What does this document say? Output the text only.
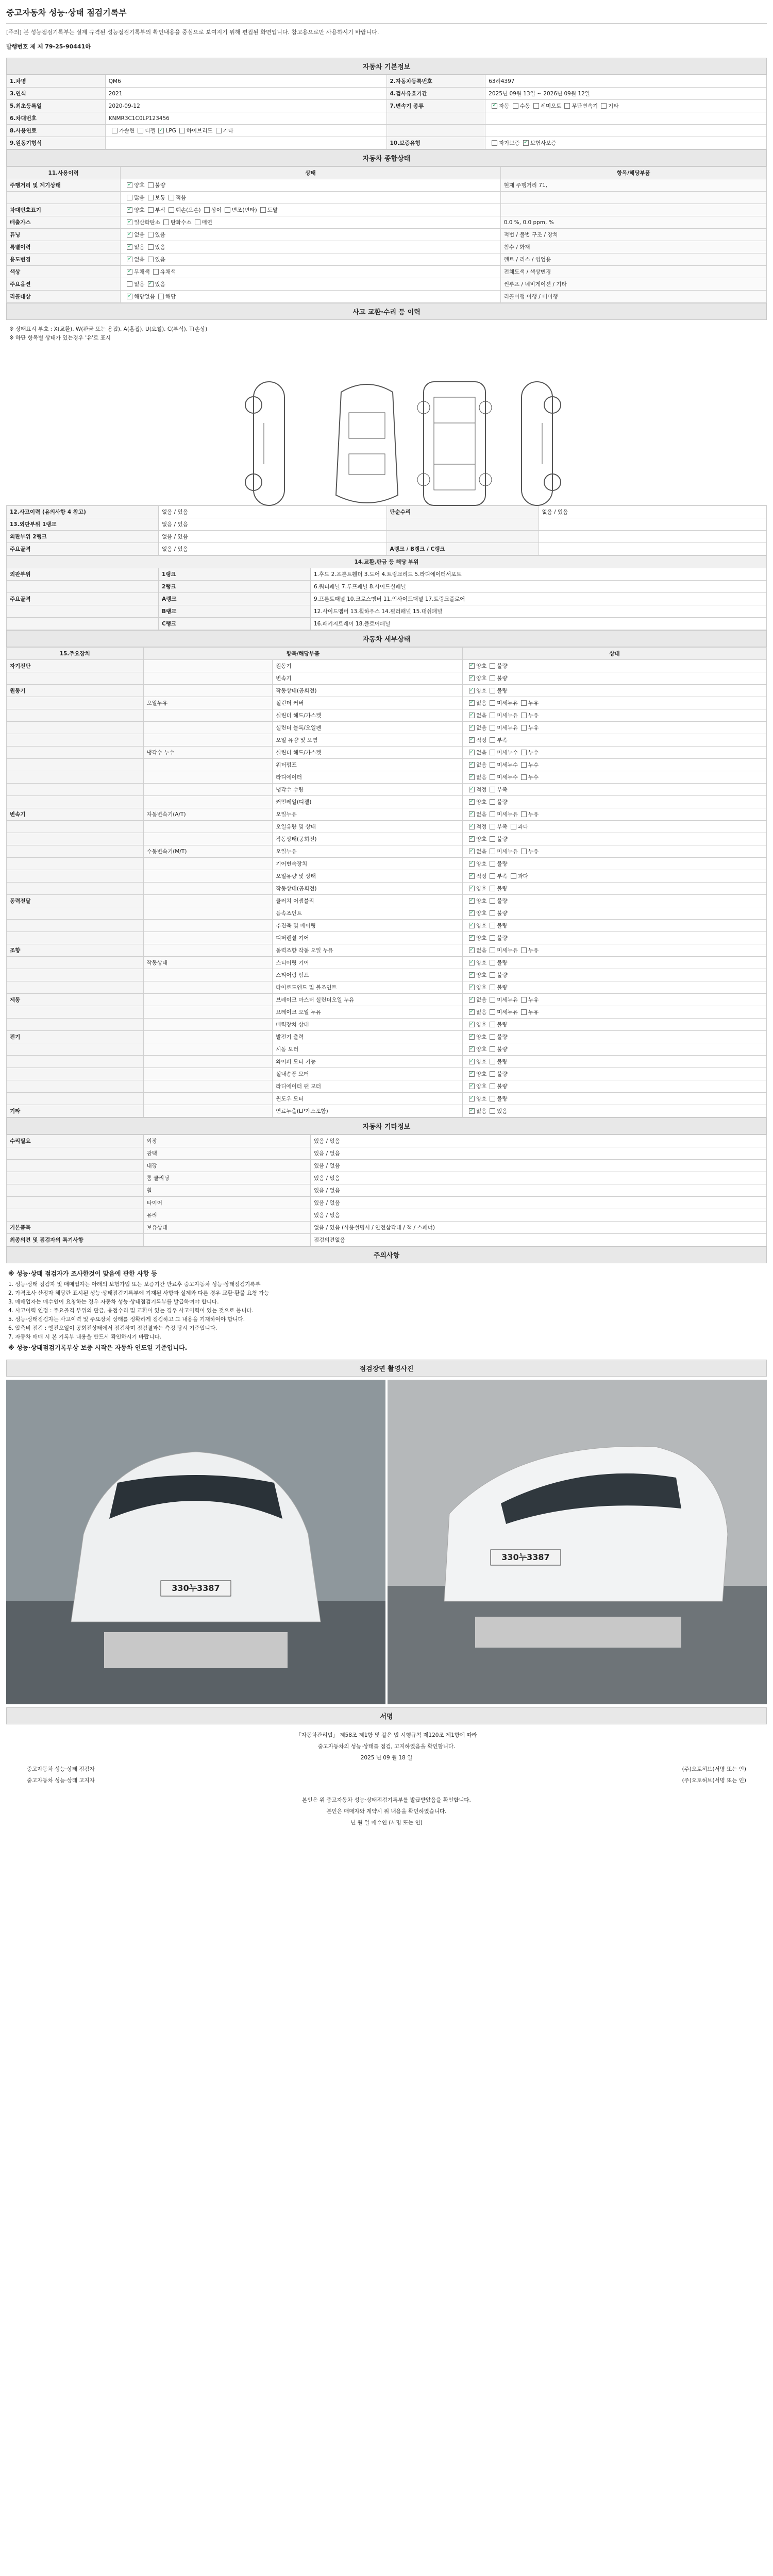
중고자동차 성능·상태 점검기록부
[주의] 본 성능점검기록부는 실제 규격된 성능점검기록부의 확인내용을 중심으로 보여지기 위해 편집된 화면입니다. 참고용으로만 사용하시기 바랍니다.
발행번호 제 제 79-25-90441하
자동차 기본정보
1.차명	QM6	2.자동차등록번호	63하4397
3.연식	2021	4.검사유효기간	2025년 09월 13일 ~ 2026년 09월 12일
5.최초등록일	2020-09-12	7.변속기 종류	✓자동 수동 세미오토 무단변속기 기타
6.차대번호	KNMR3C1C0LP123456		
8.사용연료	가솔린 디젤 ✓ LPG 하이브리드 기타		
9.원동기형식		10.보증유형	자가보증 ✓ 보험사보증
자동차 종합상태
11.사용이력	상태	항목/해당부품
주행거리 및 계기상태	✓양호 불량	현재 주행거리 71,
	많음 보통 적음	
차대번호표기	✓양호 부식 훼손(오손) 상이 변조(변타) 도말	
배출가스	✓일산화탄소 탄화수소 매연	0.0 %, 0.0 ppm, %
튜닝	✓없음 있음	적법 / 불법 구조 / 장치
특별이력	✓없음 있음	침수 / 화재
용도변경	✓없음 있음	렌트 / 리스 / 영업용
색상	✓무채색 유채색	전체도색 / 색상변경
주요옵션	없음 ✓ 있음	썬루프 / 네비게이션 / 기타
리콜대상	✓해당없음 해당	리콜이행 이행 / 미이행
사고 교환·수리 등 이력
※ 상태표시 부호 : X(교환), W(판금 또는 용접), A(흠집), U(요철), C(부식), T(손상)
※ 하단 항목별 상태가 있는경우 '유'로 표시
12.사고이력 (유의사항 4 참고)	없음 / 있음	단순수리	없음 / 있음
13.외판부위 1랭크	없음 / 있음		
외판부위 2랭크	없음 / 있음		
주요골격	없음 / 있음	A랭크 / B랭크 / C랭크	
14.교환,판금 등 해당 부위		
외판부위	1랭크	1.후드 2.프론트휀더 3.도어 4.트렁크리드 5.라디에이터서포트
	2랭크	6.쿼터패널 7.루프패널 8.사이드실패널
주요골격	A랭크	9.프론트패널 10.크로스멤버 11.인사이드패널 17.트렁크플로어
	B랭크	12.사이드멤버 13.휠하우스 14.필러패널 15.대쉬패널
	C랭크	16.패키지트레이 18.플로어패널
자동차 세부상태
15.주요장치	항목/해당부품		상태
자기진단		원동기	✓양호 불량
		변속기	✓양호 불량
원동기		작동상태(공회전)	✓양호 불량
	오일누유	실린더 커버	✓없음 미세누유 누유
		실린더 헤드/가스켓	✓없음 미세누유 누유
		실린더 블록/오일팬	✓없음 미세누유 누유
		오일 유량 및 오염	✓적정 부족
	냉각수 누수	실린더 헤드/가스켓	✓없음 미세누수 누수
		워터펌프	✓없음 미세누수 누수
		라디에이터	✓없음 미세누수 누수
		냉각수 수량	✓적정 부족
		커먼레일(디젤)	✓양호 불량
변속기	자동변속기(A/T)	오일누유	✓없음 미세누유 누유
		오일유량 및 상태	✓적정 부족 과다
		작동상태(공회전)	✓양호 불량
	수동변속기(M/T)	오일누유	✓없음 미세누유 누유
		기어변속장치	✓양호 불량
		오일유량 및 상태	✓적정 부족 과다
		작동상태(공회전)	✓양호 불량
동력전달		클러치 어셈블리	✓양호 불량
		등속조인트	✓양호 불량
		추진축 및 베어링	✓양호 불량
		디퍼렌셜 기어	✓양호 불량
조향		동력조향 작동 오일 누유	✓없음 미세누유 누유
	작동상태	스티어링 기어	✓양호 불량
		스티어링 펌프	✓양호 불량
		타이로드엔드 및 볼조인트	✓양호 불량
제동		브레이크 마스터 실린더오일 누유	✓없음 미세누유 누유
		브레이크 오일 누유	✓없음 미세누유 누유
		배력장치 상태	✓양호 불량
전기		발전기 출력	✓양호 불량
		시동 모터	✓양호 불량
		와이퍼 모터 기능	✓양호 불량
		실내송풍 모터	✓양호 불량
		라디에이터 팬 모터	✓양호 불량
		윈도우 모터	✓양호 불량
기타		연료누출(LP가스포함)	✓없음 있음
자동차 기타정보
수리필요	외장	있음 / 없음
	광택	있음 / 없음
	내장	있음 / 없음
	룸 클리닝	있음 / 없음
	휠	있음 / 없음
	타이어	있음 / 없음
	유리	있음 / 없음
기본품목	보유상태	없음 / 있음 (사용설명서 / 안전삼각대 / 잭 / 스패너)
최종의견 및 점검자의 특기사항		점검의견없음
주의사항
※ 성능·상태 점검자가 조사한것이 맞음에 관한 사항 등
1. 성능·상태 점검자 및 매매업자는 아래의 보험가입 또는 보증기간 만료후 중고자동차 성능·상태점검기록부
2. 가격조사·산정자 해당란 표시된 성능·상태점검기록부에 기재된 사항과 실제와 다른 경우 교환·환불 요청 가능
3. 매매업자는 매수인이 요청하는 경우 자동차 성능·상태점검기록부를 발급하여야 합니다.
4. 사고이력 인정 : 주요골격 부위의 판금, 용접수리 및 교환이 있는 경우 사고이력이 있는 것으로 봅니다.
5. 성능·상태점검자는 사고이력 및 주요장치 상태를 정확하게 점검하고 그 내용을 기재하여야 합니다.
6. 압축비 점검 : 엔진오일이 공회전상태에서 점검하며 점검결과는 측정 당시 기준입니다.
7. 자동차 매매 시 본 기록부 내용을 반드시 확인하시기 바랍니다.
※ 성능·상태점검기록부상 보증 시작은 자동차 인도일 기준입니다.
점검장면 촬영사진
330누3387
330누3387
서명
「자동차관리법」 제58조 제1항 및 같은 법 시행규칙 제120조 제1항에 따라
중고자동차의 성능·상태를 점검, 고지하였음을 확인합니다.
2025 년 09 월 18 일
중고자동차 성능·상태 점검자	(주)오토허브(서명 또는 인)
중고자동차 성능·상태 고지자	(주)오토허브(서명 또는 인)
본인은 위 중고자동차 성능·상태점검기록부를 발급받았음을 확인합니다.
본인은 매매자와 계약시 위 내용을 확인하였습니다.
년 월 일 매수인 (서명 또는 인)
